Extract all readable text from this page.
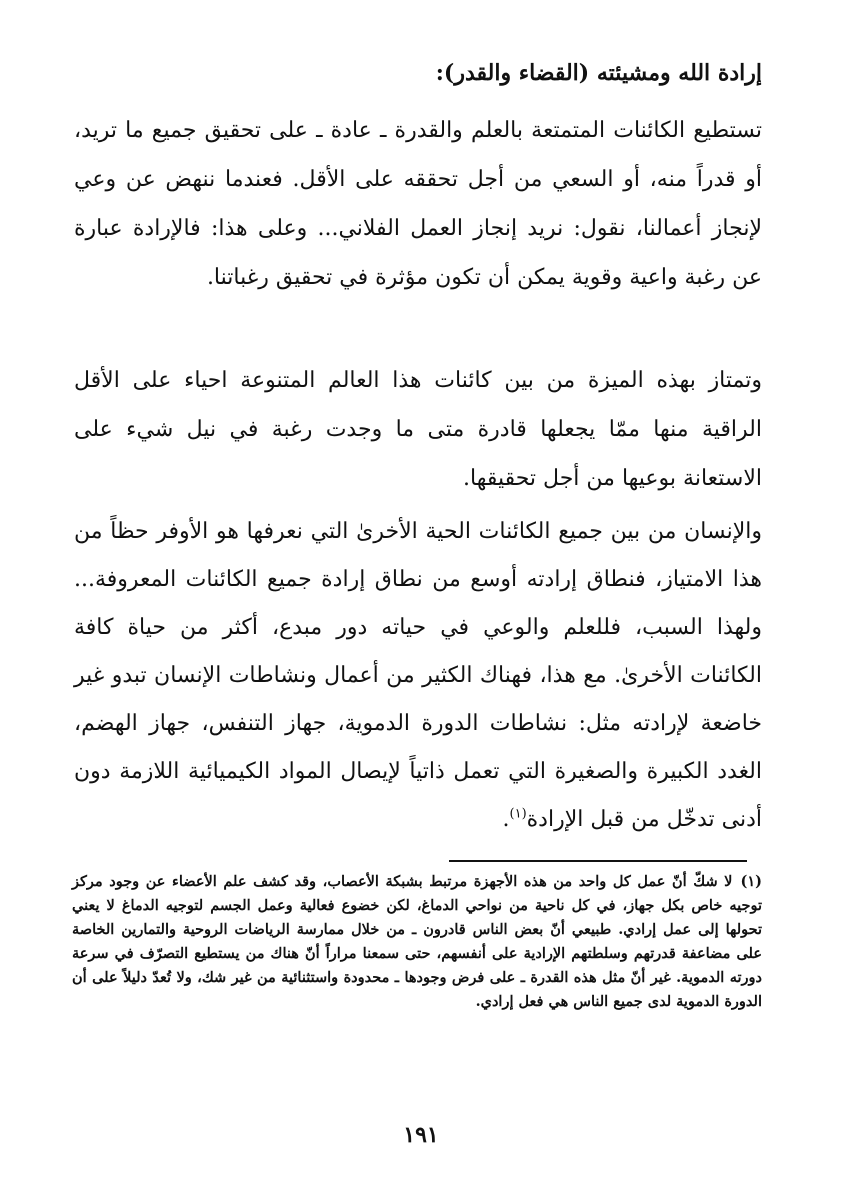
إرادة الله ومشيئته (القضاء والقدر):

تستطيع الكائنات المتمتعة بالعلم والقدرة ـ عادة ـ على تحقيق جميع ما تريد، أو قدراً منه، أو السعي من أجل تحققه على الأقل. فعندما ننهض عن وعي لإنجاز أعمالنا، نقول: نريد إنجاز العمل الفلاني... وعلى هذا: فالإرادة عبارة عن رغبة واعية وقوية يمكن أن تكون مؤثرة في تحقيق رغباتنا.

وتمتاز بهذه الميزة من بين كائنات هذا العالم المتنوعة احياء على الأقل الراقية منها ممّا يجعلها قادرة متى ما وجدت رغبة في نيل شيء على الاستعانة بوعيها من أجل تحقيقها.

والإنسان من بين جميع الكائنات الحية الأخرىٰ التي نعرفها هو الأوفر حظاً من هذا الامتياز، فنطاق إرادته أوسع من نطاق إرادة جميع الكائنات المعروفة... ولهذا السبب، فللعلم والوعي في حياته دور مبدع، أكثر من حياة كافة الكائنات الأخرىٰ. مع هذا، فهناك الكثير من أعمال ونشاطات الإنسان تبدو غير خاضعة لإرادته مثل: نشاطات الدورة الدموية، جهاز التنفس، جهاز الهضم، الغدد الكبيرة والصغيرة التي تعمل ذاتياً لإيصال المواد الكيميائية اللازمة دون أدنى تدخّل من قبل الإرادة$^{(١)}$.

(١)لا شكّ أنّ عمل كل واحد من هذه الأجهزة مرتبط بشبكة الأعصاب، وقد كشف علم الأعضاء عن وجود مركز توجيه خاص بكل جهاز، في كل ناحية من نواحي الدماغ، لكن خضوع فعالية وعمل الجسم لتوجيه الدماغ لا يعني تحولها إلى عمل إرادي. طبيعي أنّ بعض الناس قادرون ـ من خلال ممارسة الرياضات الروحية والتمارين الخاصة على مضاعفة قدرتهم وسلطتهم الإرادية على أنفسهم، حتى سمعنا مراراً أنّ هناك من يستطيع التصرّف في سرعة دورته الدموية. غير أنّ مثل هذه القدرة ـ على فرض وجودها ـ محدودة واستثنائية من غير شك، ولا تُعدّ دليلاً على أن الدورة الدموية لدى جميع الناس هي فعل إرادي.

١٩١
